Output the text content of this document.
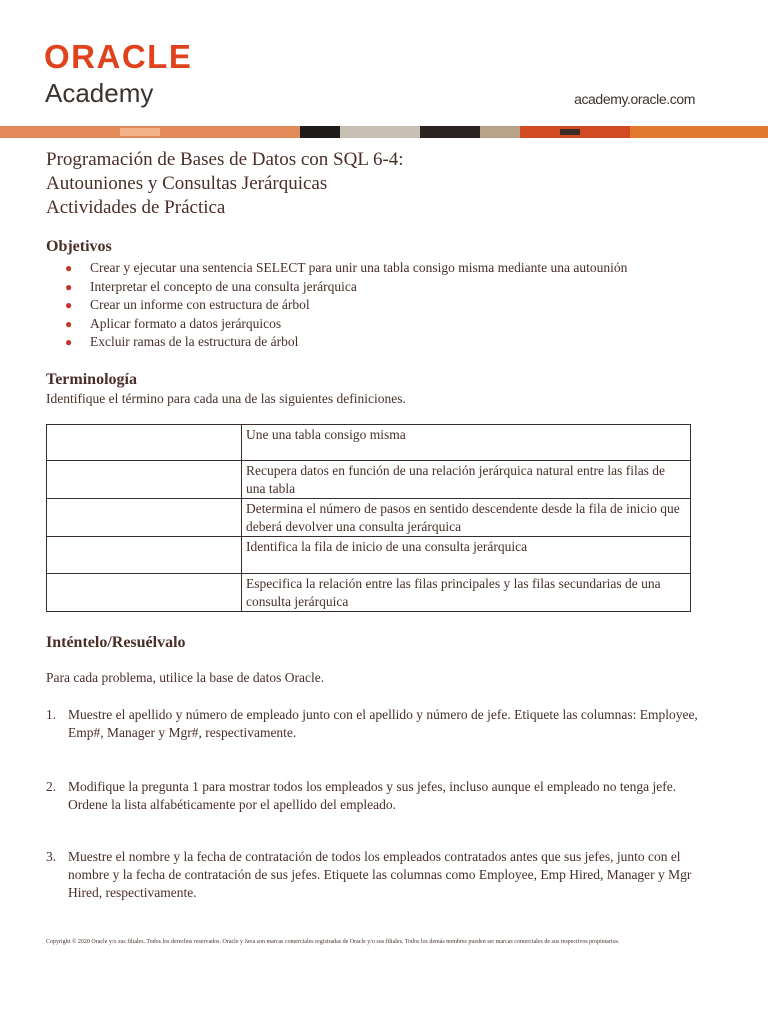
ORACLE
Academy	academy.oracle.com
Programación de Bases de Datos con SQL 6-4:
Autouniones y Consultas Jerárquicas
Actividades de Práctica
Objetivos
● Crear y ejecutar una sentencia SELECT para unir una tabla consigo misma mediante una autounión
● Interpretar el concepto de una consulta jerárquica
● Crear un informe con estructura de árbol
● Aplicar formato a datos jerárquicos
● Excluir ramas de la estructura de árbol
Terminología
Identifique el término para cada una de las siguientes definiciones.
	Une una tabla consigo misma
	Recupera datos en función de una relación jerárquica natural entre las filas de una tabla
	Determina el número de pasos en sentido descendente desde la fila de inicio que deberá devolver una consulta jerárquica
	Identifica la fila de inicio de una consulta jerárquica
	Especifica la relación entre las filas principales y las filas secundarias de una consulta jerárquica
Inténtelo/Resuélvalo
Para cada problema, utilice la base de datos Oracle.
1. Muestre el apellido y número de empleado junto con el apellido y número de jefe. Etiquete las columnas: Employee, Emp#, Manager y Mgr#, respectivamente.
2. Modifique la pregunta 1 para mostrar todos los empleados y sus jefes, incluso aunque el empleado no tenga jefe. Ordene la lista alfabéticamente por el apellido del empleado.
3. Muestre el nombre y la fecha de contratación de todos los empleados contratados antes que sus jefes, junto con el nombre y la fecha de contratación de sus jefes. Etiquete las columnas como Employee, Emp Hired, Manager y Mgr Hired, respectivamente.
Copyright © 2020 Oracle y/o sus filiales. Todos los derechos reservados. Oracle y Java son marcas comerciales registradas de Oracle y/o sus filiales. Todos los demás nombres pueden ser marcas comerciales de sus respectivos propietarios.
